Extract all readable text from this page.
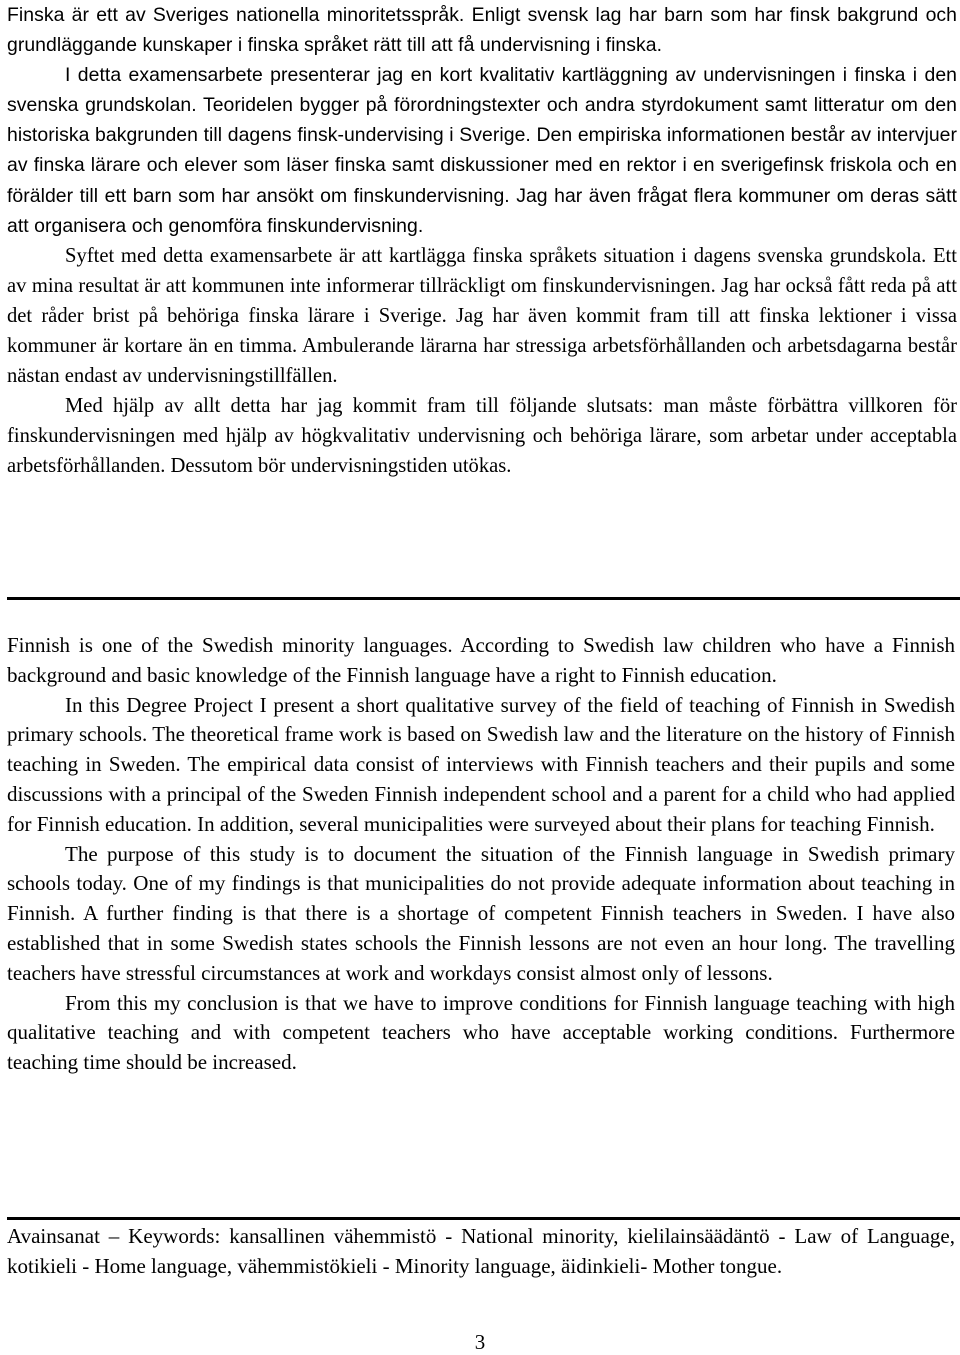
Finska är ett av Sveriges nationella minoritetsspråk. Enligt svensk lag har barn som har finsk bakgrund och grundläggande kunskaper i finska språket rätt till att få undervisning i finska.

I detta examensarbete presenterar jag en kort kvalitativ kartläggning av undervisningen i finska i den svenska grundskolan. Teoridelen bygger på förordningstexter och andra styrdokument samt litteratur om den historiska bakgrunden till dagens finsk-undervising i Sverige. Den empiriska informationen består av intervjuer av finska lärare och elever som läser finska samt diskussioner med en rektor i en sverigefinsk friskola och en förälder till ett barn som har ansökt om finskundervisning. Jag har även frågat flera kommuner om deras sätt att organisera och genomföra finskundervisning.

Syftet med detta examensarbete är att kartlägga finska språkets situation i dagens svenska grundskola. Ett av mina resultat är att kommunen inte informerar tillräckligt om finskundervisningen. Jag har också fått reda på att det råder brist på behöriga finska lärare i Sverige. Jag har även kommit fram till att finska lektioner i vissa kommuner är kortare än en timma. Ambulerande lärarna har stressiga arbetsförhållanden och arbetsdagarna består nästan endast av undervisningstillfällen.

Med hjälp av allt detta har jag kommit fram till följande slutsats: man måste förbättra villkoren för finskundervisningen med hjälp av högkvalitativ undervisning och behöriga lärare, som arbetar under acceptabla arbetsförhållanden. Dessutom bör undervisningstiden utökas.

Finnish is one of the Swedish minority languages. According to Swedish law children who have a Finnish background and basic knowledge of the Finnish language have a right to Finnish education.

In this Degree Project I present a short qualitative survey of the field of teaching of Finnish in Swedish primary schools. The theoretical frame work is based on Swedish law and the literature on the history of Finnish teaching in Sweden. The empirical data consist of interviews with Finnish teachers and their pupils and some discussions with a principal of the Sweden Finnish independent school and a parent for a child who had applied for Finnish education. In addition, several municipalities were surveyed about their plans for teaching Finnish.

The purpose of this study is to document the situation of the Finnish language in Swedish primary schools today. One of my findings is that municipalities do not provide adequate information about teaching in Finnish. A further finding is that there is a shortage of competent Finnish teachers in Sweden. I have also established that in some Swedish states schools the Finnish lessons are not even an hour long. The travelling teachers have stressful circumstances at work and workdays consist almost only of lessons.

From this my conclusion is that we have to improve conditions for Finnish language teaching with high qualitative teaching and with competent teachers who have acceptable working conditions. Furthermore teaching time should be increased.

Avainsanat – Keywords: kansallinen vähemmistö - National minority, kielilainsäädäntö - Law of Language, kotikieli - Home language, vähemmistökieli - Minority language, äidinkieli- Mother tongue.

3
